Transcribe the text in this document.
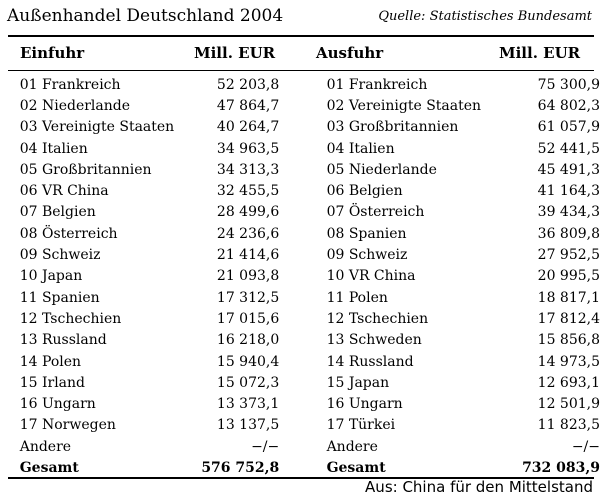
Außenhandel Deutschland 2004	Quelle: Statistisches Bundesamt
Einfuhr	Mill. EUR	Ausfuhr	Mill. EUR
	01 Frankreich	52 203,8		01 Frankreich	75 300,9
	02 Niederlande	47 864,7		02 Vereinigte Staaten	64 802,3
	03 Vereinigte Staaten	40 264,7		03 Großbritannien	61 057,9
	04 Italien	34 963,5		04 Italien	52 441,5
	05 Großbritannien	34 313,3		05 Niederlande	45 491,3
	06 VR China	32 455,5		06 Belgien	41 164,3
	07 Belgien	28 499,6		07 Österreich	39 434,3
	08 Österreich	24 236,6		08 Spanien	36 809,8
	09 Schweiz	21 414,6		09 Schweiz	27 952,5
	10 Japan	21 093,8		10 VR China	20 995,5
	11 Spanien	17 312,5		11 Polen	18 817,1
	12 Tschechien	17 015,6		12 Tschechien	17 812,4
	13 Russland	16 218,0		13 Schweden	15 856,8
	14 Polen	15 940,4		14 Russland	14 973,5
	15 Irland	15 072,3		15 Japan	12 693,1
	16 Ungarn	13 373,1		16 Ungarn	12 501,9
	17 Norwegen	13 137,5		17 Türkei	11 823,5
	Andere	−/−		Andere	−/−
	Gesamt	576 752,8		Gesamt	732 083,9
Aus: China für den Mittelstand
